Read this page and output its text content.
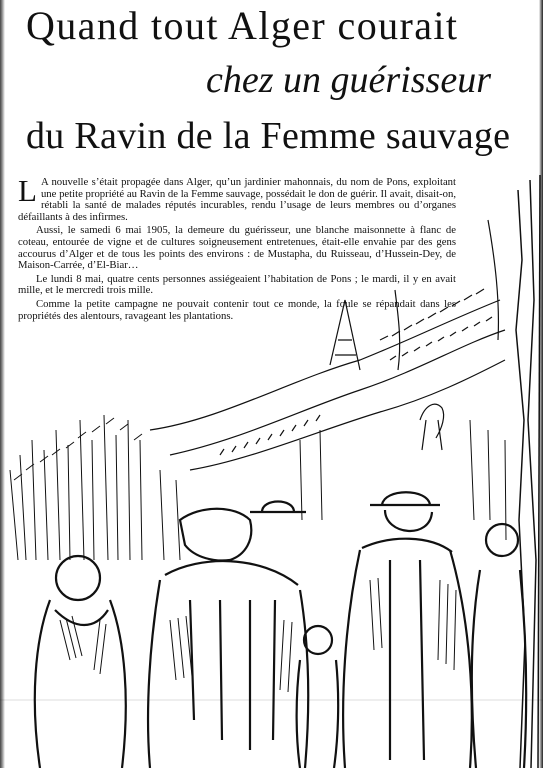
Quand tout Alger courait
chez un guérisseur
du Ravin de la Femme sauvage

L A nouvelle s’était propagée dans Alger, qu’un jardinier mahonnais, du nom de Pons, exploitant une petite propriété au Ravin de la Femme sauvage, possédait le don de guérir. Il avait, disait-on, rétabli la santé de malades réputés incurables, rendu l’usage de leurs membres ou d’organes défaillants à des infirmes.

Aussi, le samedi 6 mai 1905, la demeure du guérisseur, une blanche maisonnette à flanc de coteau, entourée de vigne et de cultures soigneusement entretenues, était-elle envahie par des gens accourus d’Alger et de tous les points des environs : de Mustapha, du Ruisseau, d’Hussein-Dey, de Maison-Carrée, d’El-Biar…

Le lundi 8 mai, quatre cents personnes assiégeaient l’habitation de Pons ; le mardi, il y en avait mille, et le mercredi trois mille.

Comme la petite campagne ne pouvait contenir tout ce monde, la foule se répandait dans les propriétés des alentours, ravageant les plantations.
